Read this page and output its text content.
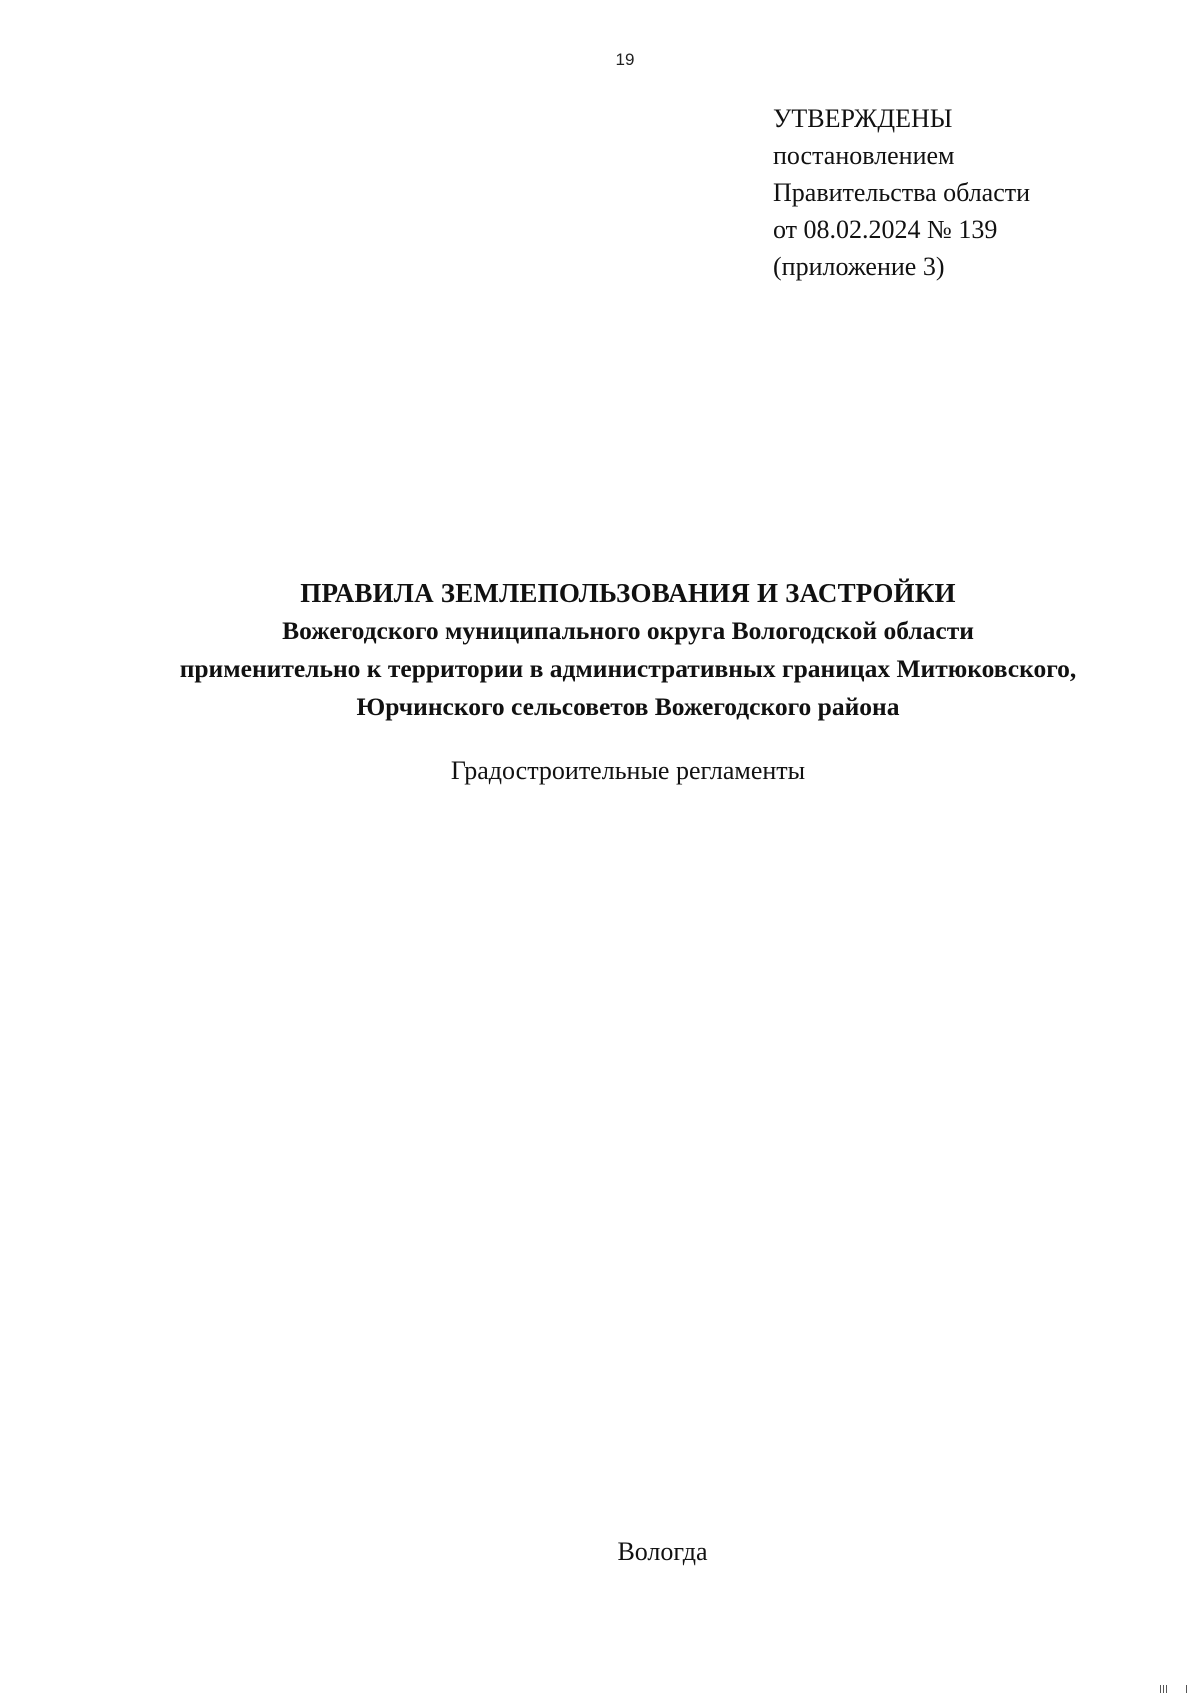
19
УТВЕРЖДЕНЫ
постановлением
Правительства области
от 08.02.2024 № 139
(приложение 3)
ПРАВИЛА ЗЕМЛЕПОЛЬЗОВАНИЯ И ЗАСТРОЙКИ
Вожегодского муниципального округа Вологодской области
применительно к территории в административных границах Митюковского,
Юрчинского сельсоветов Вожегодского района
Градостроительные регламенты
Вологда
